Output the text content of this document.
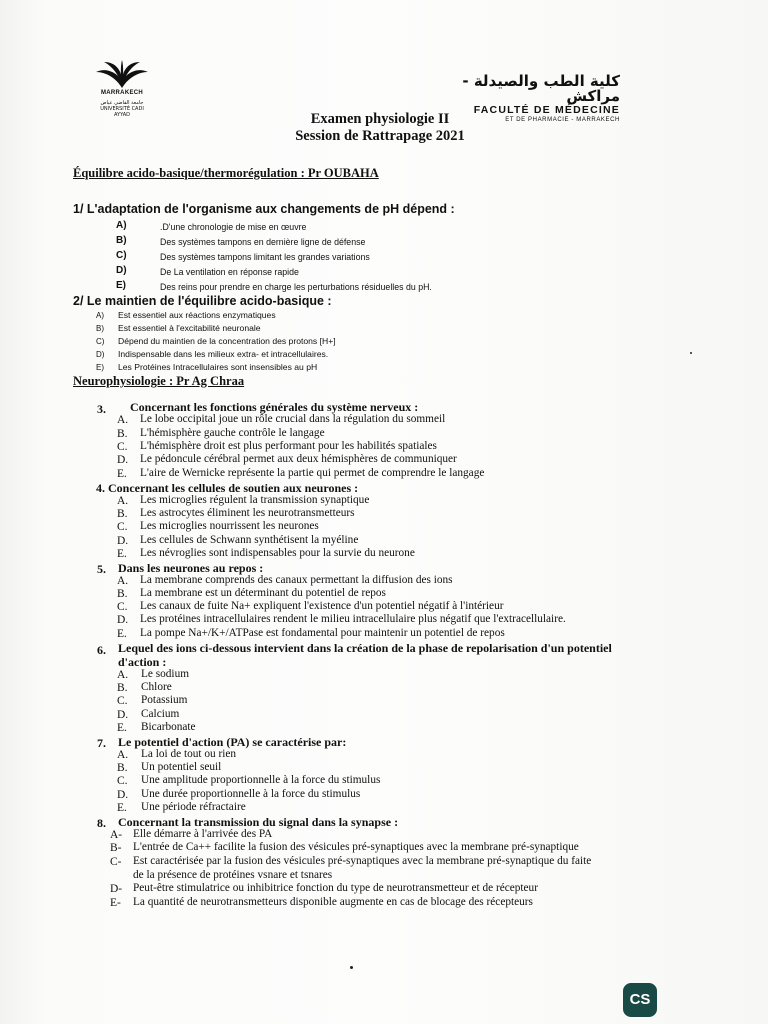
MARRAKECH
جامعة القاضي عياض UNIVERSITÉ CADI AYYAD
كلية الطب والصيدلة - مراكش
FACULTÉ DE MÉDECINE
ET DE PHARMACIE - MARRAKECH
Examen physiologie II
Session de Rattrapage 2021
Équilibre acido-basique/thermorégulation : Pr OUBAHA
1/ L'adaptation de l'organisme aux changements de pH dépend :
A)	.D'une chronologie de mise en œuvre
B)	Des systèmes tampons en dernière ligne de défense
C)	Des systèmes tampons limitant les grandes variations
D)	De La ventilation en réponse rapide
E)	Des reins pour prendre en charge les perturbations résiduelles du pH.
2/ Le maintien de l'équilibre acido-basique :
A) Est essentiel aux réactions enzymatiques
B) Est essentiel à l'excitabilité neuronale
C) Dépend du maintien de la concentration des protons [H+]
D) Indispensable dans les milieux extra- et intracellulaires.
E) Les Protéines Intracellulaires sont insensibles au pH
Neurophysiologie : Pr Ag Chraa
3. Concernant les fonctions générales du système nerveux :
A. Le lobe occipital joue un rôle crucial dans la régulation du sommeil
B. L'hémisphère gauche contrôle le langage
C. L'hémisphère droit est plus performant pour les habilités spatiales
D. Le pédoncule cérébral permet aux deux hémisphères de communiquer
E. L'aire de Wernicke représente la partie qui permet de comprendre le langage
4. Concernant les cellules de soutien aux neurones :
A. Les microglies régulent la transmission synaptique
B. Les astrocytes éliminent les neurotransmetteurs
C. Les microglies nourrissent les neurones
D. Les cellules de Schwann synthétisent la myéline
E. Les névroglies sont indispensables pour la survie du neurone
5. Dans les neurones au repos :
A. La membrane comprends des canaux permettant la diffusion des ions
B. La membrane est un déterminant du potentiel de repos
C. Les canaux de fuite Na+ expliquent l'existence d'un potentiel négatif à l'intérieur
D. Les protéines intracellulaires rendent le milieu intracellulaire plus négatif que l'extracellulaire.
E. La pompe Na+/K+/ATPase est fondamental pour maintenir un potentiel de repos
6. Lequel des ions ci-dessous intervient dans la création de la phase de repolarisation d'un potentiel
d'action :
A. Le sodium
B. Chlore
C. Potassium
D. Calcium
E. Bicarbonate
7. Le potentiel d'action (PA) se caractérise par:
A. La loi de tout ou rien
B. Un potentiel seuil
C. Une amplitude proportionnelle à la force du stimulus
D. Une durée proportionnelle à la force du stimulus
E. Une période réfractaire
8. Concernant la transmission du signal dans la synapse :
A- Elle démarre à l'arrivée des PA
B- L'entrée de Ca++ facilite la fusion des vésicules pré-synaptiques avec la membrane pré-synaptique
C- Est caractérisée par la fusion des vésicules pré-synaptiques avec la membrane pré-synaptique du faite
de la présence de protéines vsnare et tsnares
D- Peut-être stimulatrice ou inhibitrice fonction du type de neurotransmetteur et de récepteur
E- La quantité de neurotransmetteurs disponible augmente en cas de blocage des récepteurs
CS
